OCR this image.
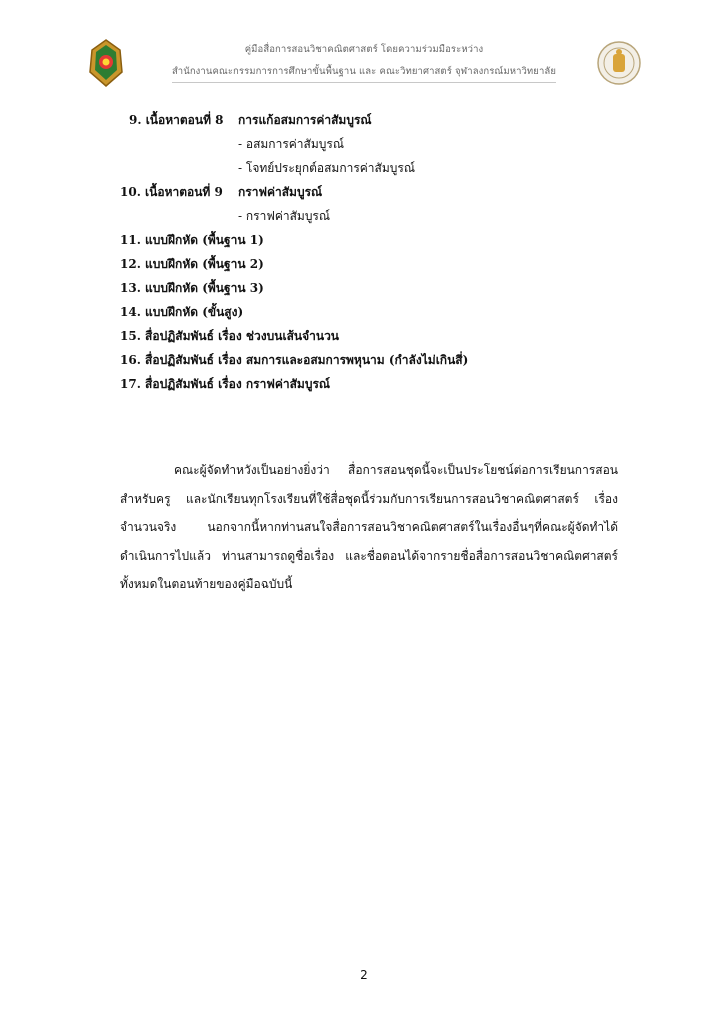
คู่มือสื่อการสอนวิชาคณิตศาสตร์ โดยความร่วมมือระหว่าง
สำนักงานคณะกรรมการการศึกษาขั้นพื้นฐาน และ คณะวิทยาศาสตร์ จุฬาลงกรณ์มหาวิทยาลัย
9. เนื้อหาตอนที่ 8 การแก้อสมการค่าสัมบูรณ์
- อสมการค่าสัมบูรณ์
- โจทย์ประยุกต์อสมการค่าสัมบูรณ์
10. เนื้อหาตอนที่ 9 กราฟค่าสัมบูรณ์
- กราฟค่าสัมบูรณ์
11. แบบฝึกหัด (พื้นฐาน 1)
12. แบบฝึกหัด (พื้นฐาน 2)
13. แบบฝึกหัด (พื้นฐาน 3)
14. แบบฝึกหัด (ขั้นสูง)
15. สื่อปฏิสัมพันธ์ เรื่อง ช่วงบนเส้นจำนวน
16. สื่อปฏิสัมพันธ์ เรื่อง สมการและอสมการพหุนาม (กำลังไม่เกินสี่)
17. สื่อปฏิสัมพันธ์ เรื่อง กราฟค่าสัมบูรณ์
คณะผู้จัดทำหวังเป็นอย่างยิ่งว่า สื่อการสอนชุดนี้จะเป็นประโยชน์ต่อการเรียนการสอน สำหรับครู และนักเรียนทุกโรงเรียนที่ใช้สื่อชุดนี้ร่วมกับการเรียนการสอนวิชาคณิตศาสตร์ เรื่อง จำนวนจริง นอกจากนี้หากท่านสนใจสื่อการสอนวิชาคณิตศาสตร์ในเรื่องอื่นๆที่คณะผู้จัดทำได้ ดำเนินการไปแล้ว ท่านสามารถดูชื่อเรื่อง และชื่อตอนได้จากรายชื่อสื่อการสอนวิชาคณิตศาสตร์ ทั้งหมดในตอนท้ายของคู่มือฉบับนี้
2
